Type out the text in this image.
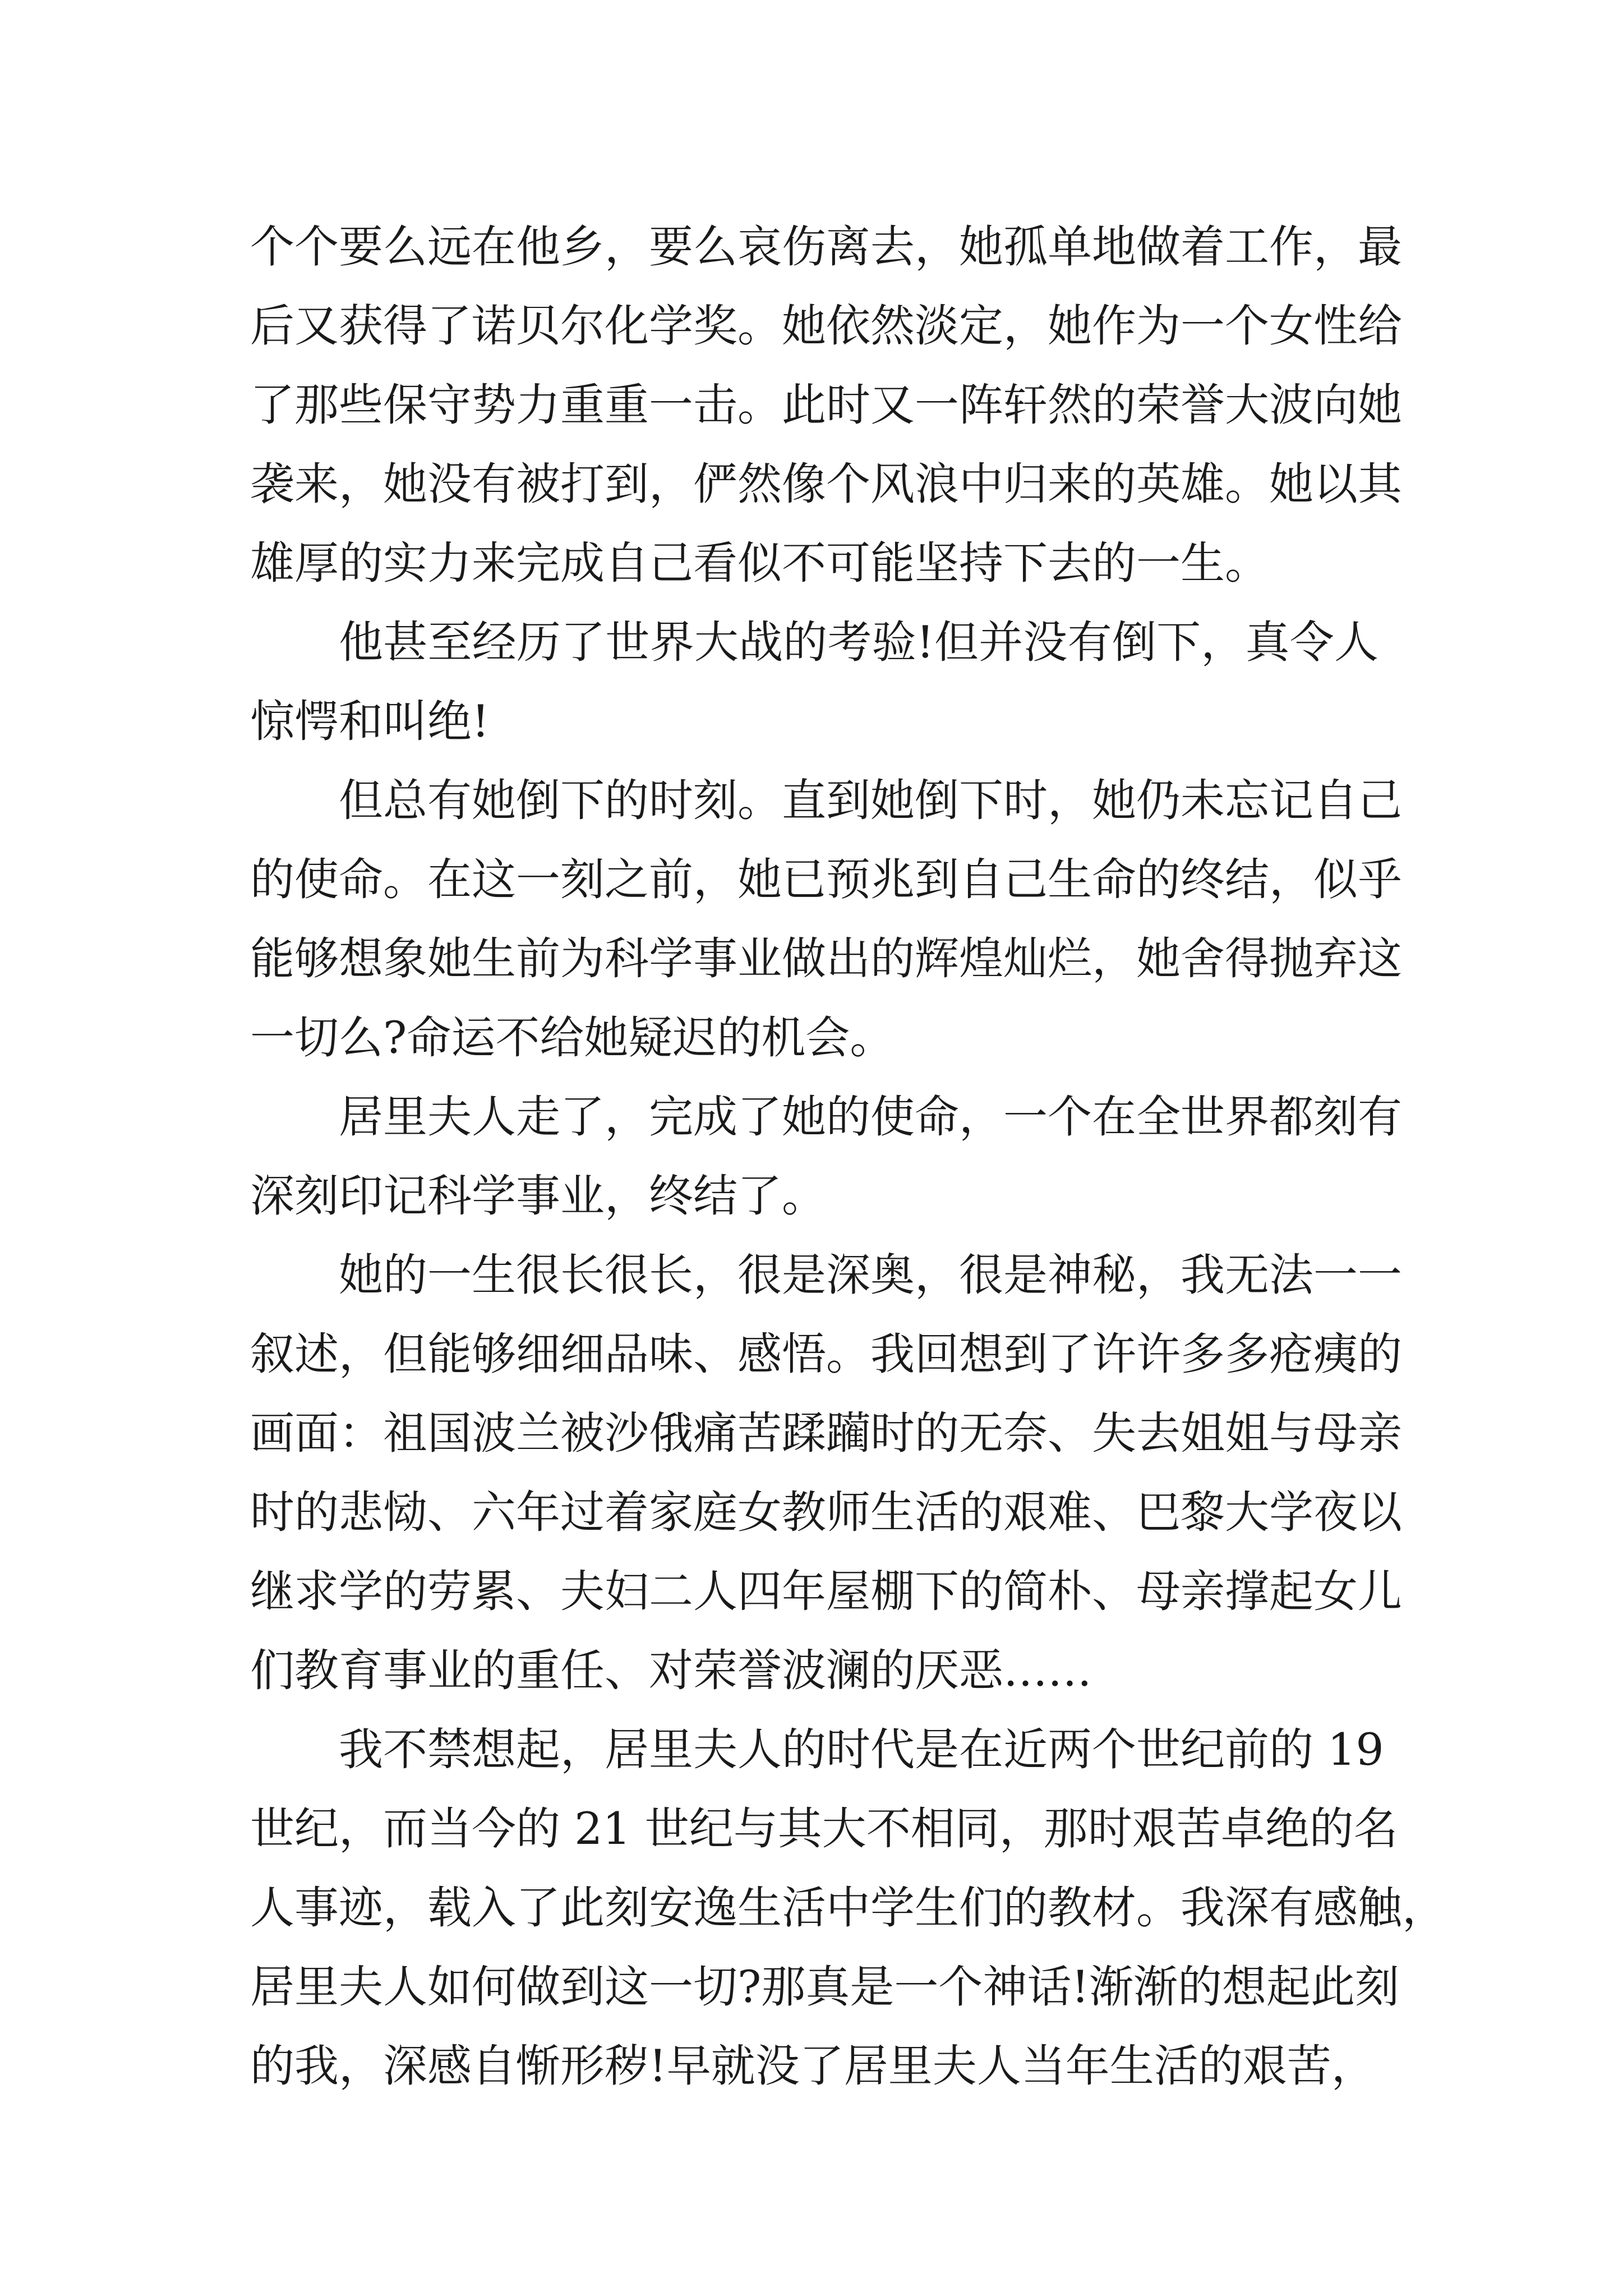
个个要么远在他乡，要么哀伤离去，她孤单地做着工作，最
后又获得了诺贝尔化学奖。她依然淡定，她作为一个女性给
了那些保守势力重重一击。此时又一阵轩然的荣誉大波向她
袭来，她没有被打到，俨然像个风浪中归来的英雄。她以其
雄厚的实力来完成自己看似不可能坚持下去的一生。
他甚至经历了世界大战的考验!但并没有倒下，真令人
惊愕和叫绝!
但总有她倒下的时刻。直到她倒下时，她仍未忘记自己
的使命。在这一刻之前，她已预兆到自己生命的终结，似乎
能够想象她生前为科学事业做出的辉煌灿烂，她舍得抛弃这
一切么?命运不给她疑迟的机会。
居里夫人走了，完成了她的使命，一个在全世界都刻有
深刻印记科学事业，终结了。
她的一生很长很长，很是深奥，很是神秘，我无法一一
叙述，但能够细细品味、感悟。我回想到了许许多多疮痍的
画面：祖国波兰被沙俄痛苦蹂躏时的无奈、失去姐姐与母亲
时的悲恸、六年过着家庭女教师生活的艰难、巴黎大学夜以
继求学的劳累、夫妇二人四年屋棚下的简朴、母亲撑起女儿
们教育事业的重任、对荣誉波澜的厌恶……
我不禁想起，居里夫人的时代是在近两个世纪前的 19
世纪，而当今的 21 世纪与其大不相同，那时艰苦卓绝的名
人事迹，载入了此刻安逸生活中学生们的教材。我深有感触，
居里夫人如何做到这一切?那真是一个神话!渐渐的想起此刻
的我，深感自惭形秽!早就没了居里夫人当年生活的艰苦，
